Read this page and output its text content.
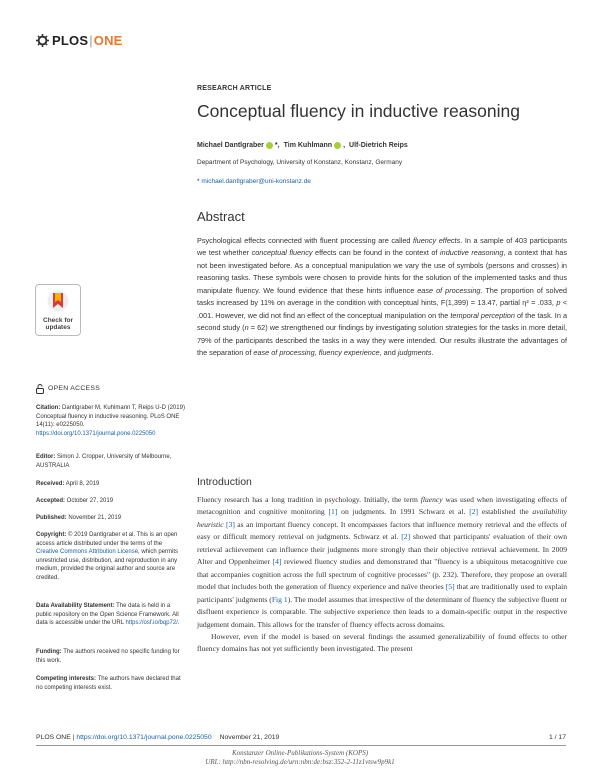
PLOS | ONE
RESEARCH ARTICLE
Conceptual fluency in inductive reasoning
Michael Dantlgraber *, Tim Kuhlmann , Ulf-Dietrich Reips
Department of Psychology, University of Konstanz, Konstanz, Germany
* michael.dantlgraber@uni-konstanz.de
Abstract

Psychological effects connected with fluent processing are called fluency effects. In a sample of 403 participants we test whether conceptual fluency effects can be found in the context of inductive reasoning, a context that has not been investigated before. As a conceptual manipulation we vary the use of symbols (persons and crosses) in reasoning tasks. These symbols were chosen to provide hints for the solution of the implemented tasks and thus manipulate fluency. We found evidence that these hints influence ease of processing. The proportion of solved tasks increased by 11% on average in the condition with conceptual hints, F(1,399) = 13.47, partial η² = .033, p < .001. However, we did not find an effect of the conceptual manipulation on the temporal perception of the task. In a second study (n = 62) we strengthened our findings by investigating solution strategies for the tasks in more detail, 79% of the participants described the tasks in a way they were intended. Our results illustrate the advantages of the separation of ease of processing, fluency experience, and judgments.

Check for
updates
OPEN ACCESS
Citation: Dantlgraber M, Kuhlmann T, Reips U-D (2019) Conceptual fluency in inductive reasoning. PLoS ONE 14(11): e0225050. https://doi.org/10.1371/journal.pone.0225050
Editor: Simon J. Cropper, University of Melbourne, AUSTRALIA
Received: April 8, 2019
Accepted: October 27, 2019
Published: November 21, 2019
Copyright: © 2019 Dantlgraber et al. This is an open access article distributed under the terms of the Creative Commons Attribution License, which permits unrestricted use, distribution, and reproduction in any medium, provided the original author and source are credited.
Data Availability Statement: The data is held in a public repository on the Open Science Framework. All data is accessible under the URL https://osf.io/bqp72/.
Funding: The authors received no specific funding for this work.
Competing interests: The authors have declared that no competing interests exist.
Introduction

Fluency research has a long tradition in psychology. Initially, the term fluency was used when investigating effects of metacognition and cognitive monitoring [1] on judgments. In 1991 Schwarz et al. [2] established the availability heuristic [3] as an important fluency concept. It encompasses factors that influence memory retrieval and the effects of easy or difficult memory retrieval on judgments. Schwarz et al. [2] showed that participants' evaluation of their own retrieval achievement can influence their judgments more strongly than their objective retrieval achievement. In 2009 Alter and Oppenheimer [4] reviewed fluency studies and demonstrated that "fluency is a ubiquitous metacognitive cue that accompanies cognition across the full spectrum of cognitive processes" (p. 232). Therefore, they propose an overall model that includes both the generation of fluency experience and naïve theories [5] that are traditionally used to explain participants' judgments (Fig 1). The model assumes that irrespective of the determinant of fluency the subjective fluent or disfluent experience is comparable. The subjective experience then leads to a domain-specific output in the respective judgement domain. This allows for the transfer of fluency effects across domains.

However, even if the model is based on several findings the assumed generalizability of found effects to other fluency domains has not yet sufficiently been investigated. The present

PLOS ONE | https://doi.org/10.1371/journal.pone.0225050 November 21, 2019	1 / 17
Konstanzer Online-Publikations-System (KOPS)
URL: http://nbn-resolving.de/urn:nbn:de:bsz:352-2-11z1vtsw9p9k1
